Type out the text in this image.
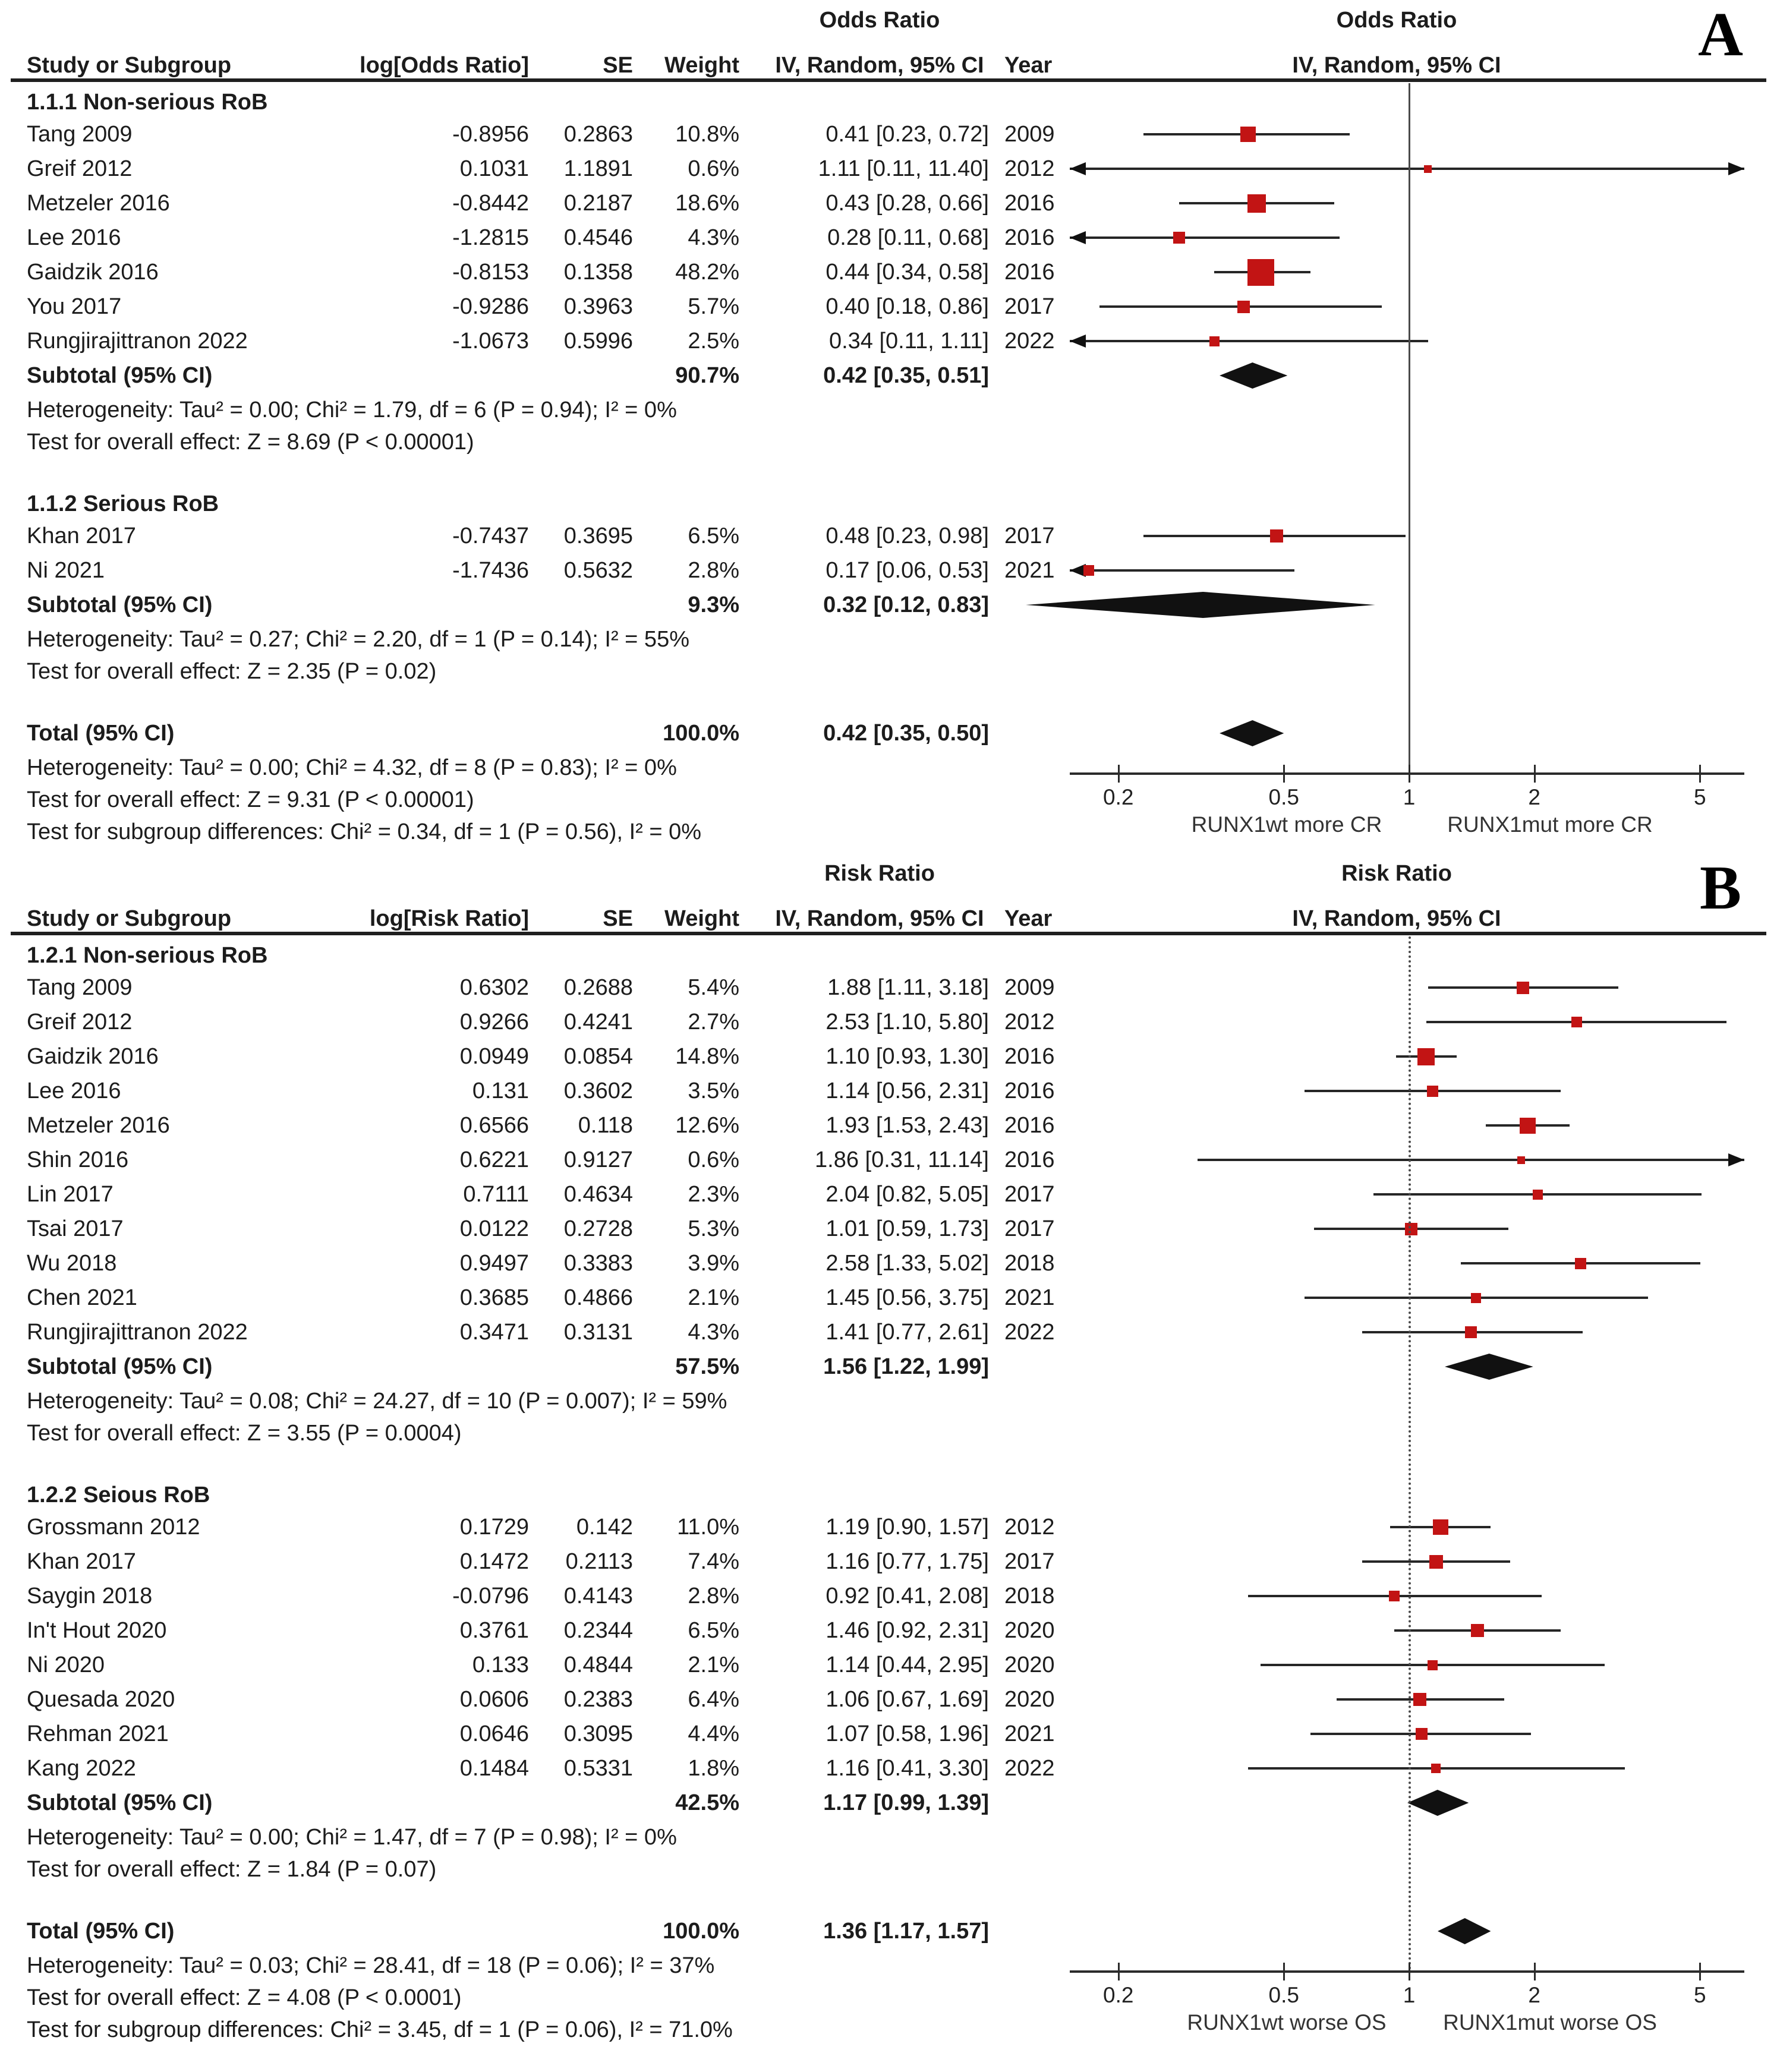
Odds Ratio	Odds Ratio	A
Study or Subgroup	log[Odds Ratio]	SE	Weight	IV, Random, 95% CI Year	IV, Random, 95% CI
1.1.1 Non-serious RoB
Tang 2009	-0.8956	0.2863	10.8%	0.41 [0.23, 0.72] 2009
Greif 2012	0.1031	1.1891	0.6%	1.11 [0.11, 11.40] 2012
Metzeler 2016	-0.8442	0.2187	18.6%	0.43 [0.28, 0.66] 2016
Lee 2016	-1.2815	0.4546	4.3%	0.28 [0.11, 0.68] 2016
Gaidzik 2016	-0.8153	0.1358	48.2%	0.44 [0.34, 0.58] 2016
You 2017	-0.9286	0.3963	5.7%	0.40 [0.18, 0.86] 2017
Rungjirajittranon 2022	-1.0673	0.5996	2.5%	0.34 [0.11, 1.11] 2022
Subtotal (95% CI)	90.7%	0.42 [0.35, 0.51]
Heterogeneity: Tau² = 0.00; Chi² = 1.79, df = 6 (P = 0.94); I² = 0%
Test for overall effect: Z = 8.69 (P < 0.00001)
1.1.2 Serious RoB
Khan 2017	-0.7437	0.3695	6.5%	0.48 [0.23, 0.98] 2017
Ni 2021	-1.7436	0.5632	2.8%	0.17 [0.06, 0.53] 2021
Subtotal (95% CI)	9.3%	0.32 [0.12, 0.83]
Heterogeneity: Tau² = 0.27; Chi² = 2.20, df = 1 (P = 0.14); I² = 55%
Test for overall effect: Z = 2.35 (P = 0.02)
Total (95% CI)	100.0%	0.42 [0.35, 0.50]
Heterogeneity: Tau² = 0.00; Chi² = 4.32, df = 8 (P = 0.83); I² = 0%
Test for overall effect: Z = 9.31 (P < 0.00001)
Test for subgroup differences: Chi² = 0.34, df = 1 (P = 0.56), I² = 0%
0.2	0.5	1	2	5
RUNX1wt more CR	RUNX1mut more CR
Risk Ratio	Risk Ratio	B
Study or Subgroup	log[Risk Ratio]	SE	Weight	IV, Random, 95% CI Year	IV, Random, 95% CI
1.2.1 Non-serious RoB
Tang 2009	0.6302	0.2688	5.4%	1.88 [1.11, 3.18] 2009
Greif 2012	0.9266	0.4241	2.7%	2.53 [1.10, 5.80] 2012
Gaidzik 2016	0.0949	0.0854	14.8%	1.10 [0.93, 1.30] 2016
Lee 2016	0.131	0.3602	3.5%	1.14 [0.56, 2.31] 2016
Metzeler 2016	0.6566	0.118	12.6%	1.93 [1.53, 2.43] 2016
Shin 2016	0.6221	0.9127	0.6%	1.86 [0.31, 11.14] 2016
Lin 2017	0.7111	0.4634	2.3%	2.04 [0.82, 5.05] 2017
Tsai 2017	0.0122	0.2728	5.3%	1.01 [0.59, 1.73] 2017
Wu 2018	0.9497	0.3383	3.9%	2.58 [1.33, 5.02] 2018
Chen 2021	0.3685	0.4866	2.1%	1.45 [0.56, 3.75] 2021
Rungjirajittranon 2022	0.3471	0.3131	4.3%	1.41 [0.77, 2.61] 2022
Subtotal (95% CI)	57.5%	1.56 [1.22, 1.99]
Heterogeneity: Tau² = 0.08; Chi² = 24.27, df = 10 (P = 0.007); I² = 59%
Test for overall effect: Z = 3.55 (P = 0.0004)
1.2.2 Seious RoB
Grossmann 2012	0.1729	0.142	11.0%	1.19 [0.90, 1.57] 2012
Khan 2017	0.1472	0.2113	7.4%	1.16 [0.77, 1.75] 2017
Saygin 2018	-0.0796	0.4143	2.8%	0.92 [0.41, 2.08] 2018
In't Hout 2020	0.3761	0.2344	6.5%	1.46 [0.92, 2.31] 2020
Ni 2020	0.133	0.4844	2.1%	1.14 [0.44, 2.95] 2020
Quesada 2020	0.0606	0.2383	6.4%	1.06 [0.67, 1.69] 2020
Rehman 2021	0.0646	0.3095	4.4%	1.07 [0.58, 1.96] 2021
Kang 2022	0.1484	0.5331	1.8%	1.16 [0.41, 3.30] 2022
Subtotal (95% CI)	42.5%	1.17 [0.99, 1.39]
Heterogeneity: Tau² = 0.00; Chi² = 1.47, df = 7 (P = 0.98); I² = 0%
Test for overall effect: Z = 1.84 (P = 0.07)
Total (95% CI)	100.0%	1.36 [1.17, 1.57]
Heterogeneity: Tau² = 0.03; Chi² = 28.41, df = 18 (P = 0.06); I² = 37%
Test for overall effect: Z = 4.08 (P < 0.0001)
Test for subgroup differences: Chi² = 3.45, df = 1 (P = 0.06), I² = 71.0%
0.2	0.5	1	2	5
RUNX1wt worse OS	RUNX1mut worse OS
